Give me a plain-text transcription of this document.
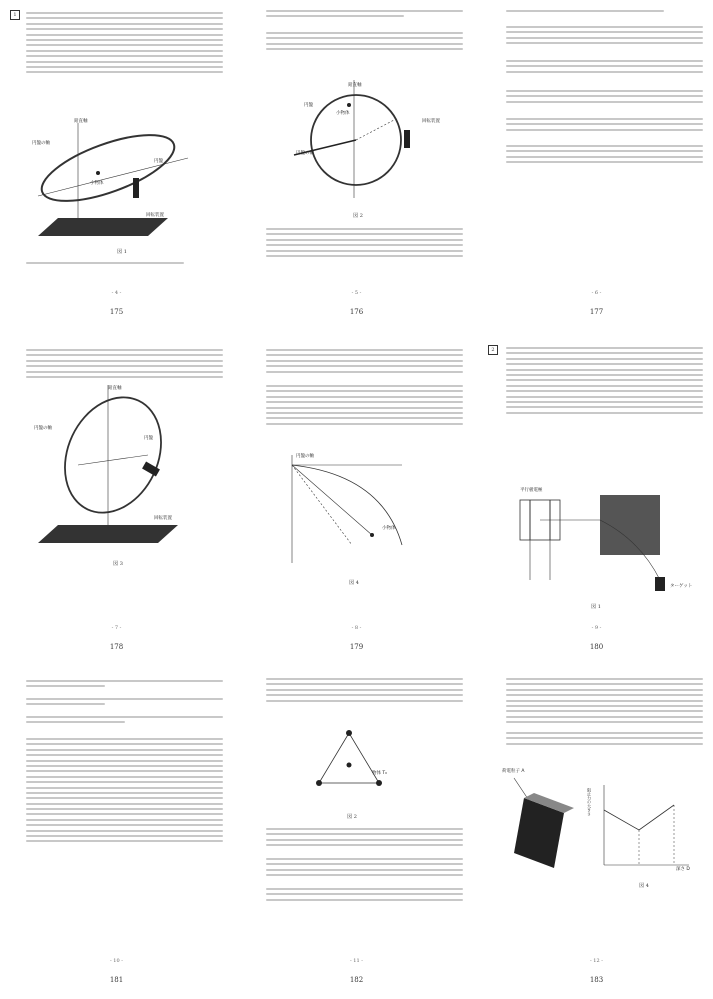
1
鉛直軸
円盤の軸
円盤
回転装置
小物体
図 1
- 4 -
175
鉛直軸
円盤
小物体
回転装置
円盤の軸
図 2
- 5 -
176
- 6 -
177
鉛直軸
円盤の軸
円盤
回転装置
図 3
- 7 -
178
円盤の軸
小物体
図 4
- 8 -
179
2
平行板電極
ターゲット
図 1
- 9 -
180
- 10 -
181
物体 T₀
図 2
- 11 -
182
荷電粒子 A
阻止力の大きさ
深さ D
図 4
- 12 -
183
